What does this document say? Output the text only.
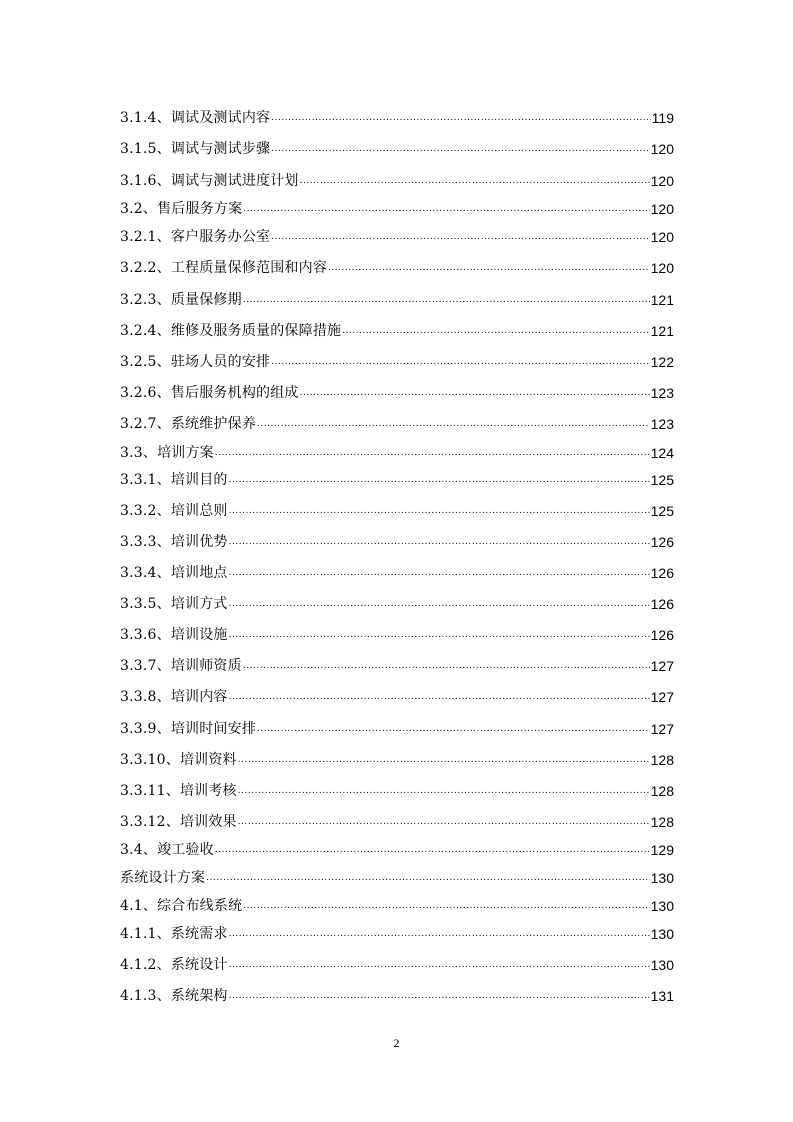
3.1.4、调试及测试内容 .....	119
3.1.5、调试与测试步骤 .....	120
3.1.6、调试与测试进度计划 .....	120
3.2、售后服务方案 .....	120
3.2.1、客户服务办公室 .....	120
3.2.2、工程质量保修范围和内容 .....	120
3.2.3、质量保修期 .....	121
3.2.4、维修及服务质量的保障措施 .....	121
3.2.5、驻场人员的安排 .....	122
3.2.6、售后服务机构的组成 .....	123
3.2.7、系统维护保养 .....	123
3.3、培训方案 .....	124
3.3.1、培训目的 .....	125
3.3.2、培训总则 .....	125
3.3.3、培训优势 .....	126
3.3.4、培训地点 .....	126
3.3.5、培训方式 .....	126
3.3.6、培训设施 .....	126
3.3.7、培训师资质 .....	127
3.3.8、培训内容 .....	127
3.3.9、培训时间安排 .....	127
3.3.10、培训资料 .....	128
3.3.11、培训考核 .....	128
3.3.12、培训效果 .....	128
3.4、竣工验收 .....	129
系统设计方案 .....	130
4.1、综合布线系统 .....	130
4.1.1、系统需求 .....	130
4.1.2、系统设计 .....	130
4.1.3、系统架构 .....	131
2
